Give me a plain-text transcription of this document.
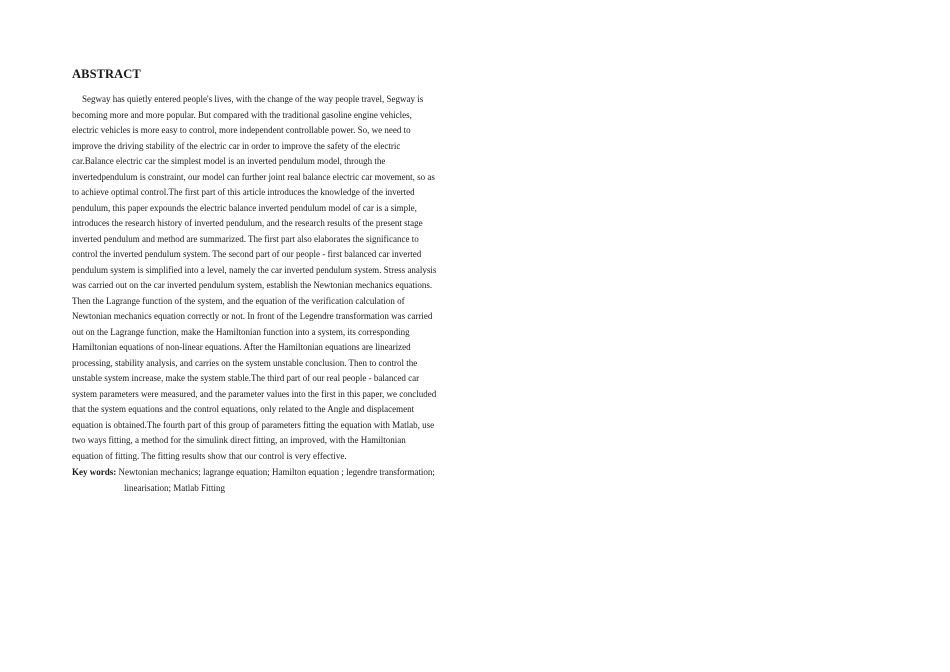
ABSTRACT

Segway has quietly entered people's lives, with the change of the way people travel, Segway is
becoming more and more popular. But compared with the traditional gasoline engine vehicles,
electric vehicles is more easy to control, more independent controllable power. So, we need to
improve the driving stability of the electric car in order to improve the safety of the electric
car.Balance electric car the simplest model is an inverted pendulum model, through the
invertedpendulum is constraint, our model can further joint real balance electric car movement, so as
to achieve optimal control.The first part of this article introduces the knowledge of the inverted
pendulum, this paper expounds the electric balance inverted pendulum model of car is a simple,
introduces the research history of inverted pendulum, and the research results of the present stage
inverted pendulum and method are summarized. The first part also elaborates the significance to
control the inverted pendulum system. The second part of our people - first balanced car inverted
pendulum system is simplified into a level, namely the car inverted pendulum system. Stress analysis
was carried out on the car inverted pendulum system, establish the Newtonian mechanics equations.
Then the Lagrange function of the system, and the equation of the verification calculation of
Newtonian mechanics equation correctly or not. In front of the Legendre transformation was carried
out on the Lagrange function, make the Hamiltonian function into a system, its corresponding
Hamiltonian equations of non-linear equations. After the Hamiltonian equations are linearized
processing, stability analysis, and carries on the system unstable conclusion. Then to control the
unstable system increase, make the system stable.The third part of our real people - balanced car
system parameters were measured, and the parameter values into the first in this paper, we concluded
that the system equations and the control equations, only related to the Angle and displacement
equation is obtained.The fourth part of this group of parameters fitting the equation with Matlab, use
two ways fitting, a method for the simulink direct fitting, an improved, with the Hamiltonian
equation of fitting. The fitting results show that our control is very effective.

Key words: Newtonian mechanics; lagrange equation; Hamilton equation ; legendre transformation;
linearisation; Matlab Fitting
